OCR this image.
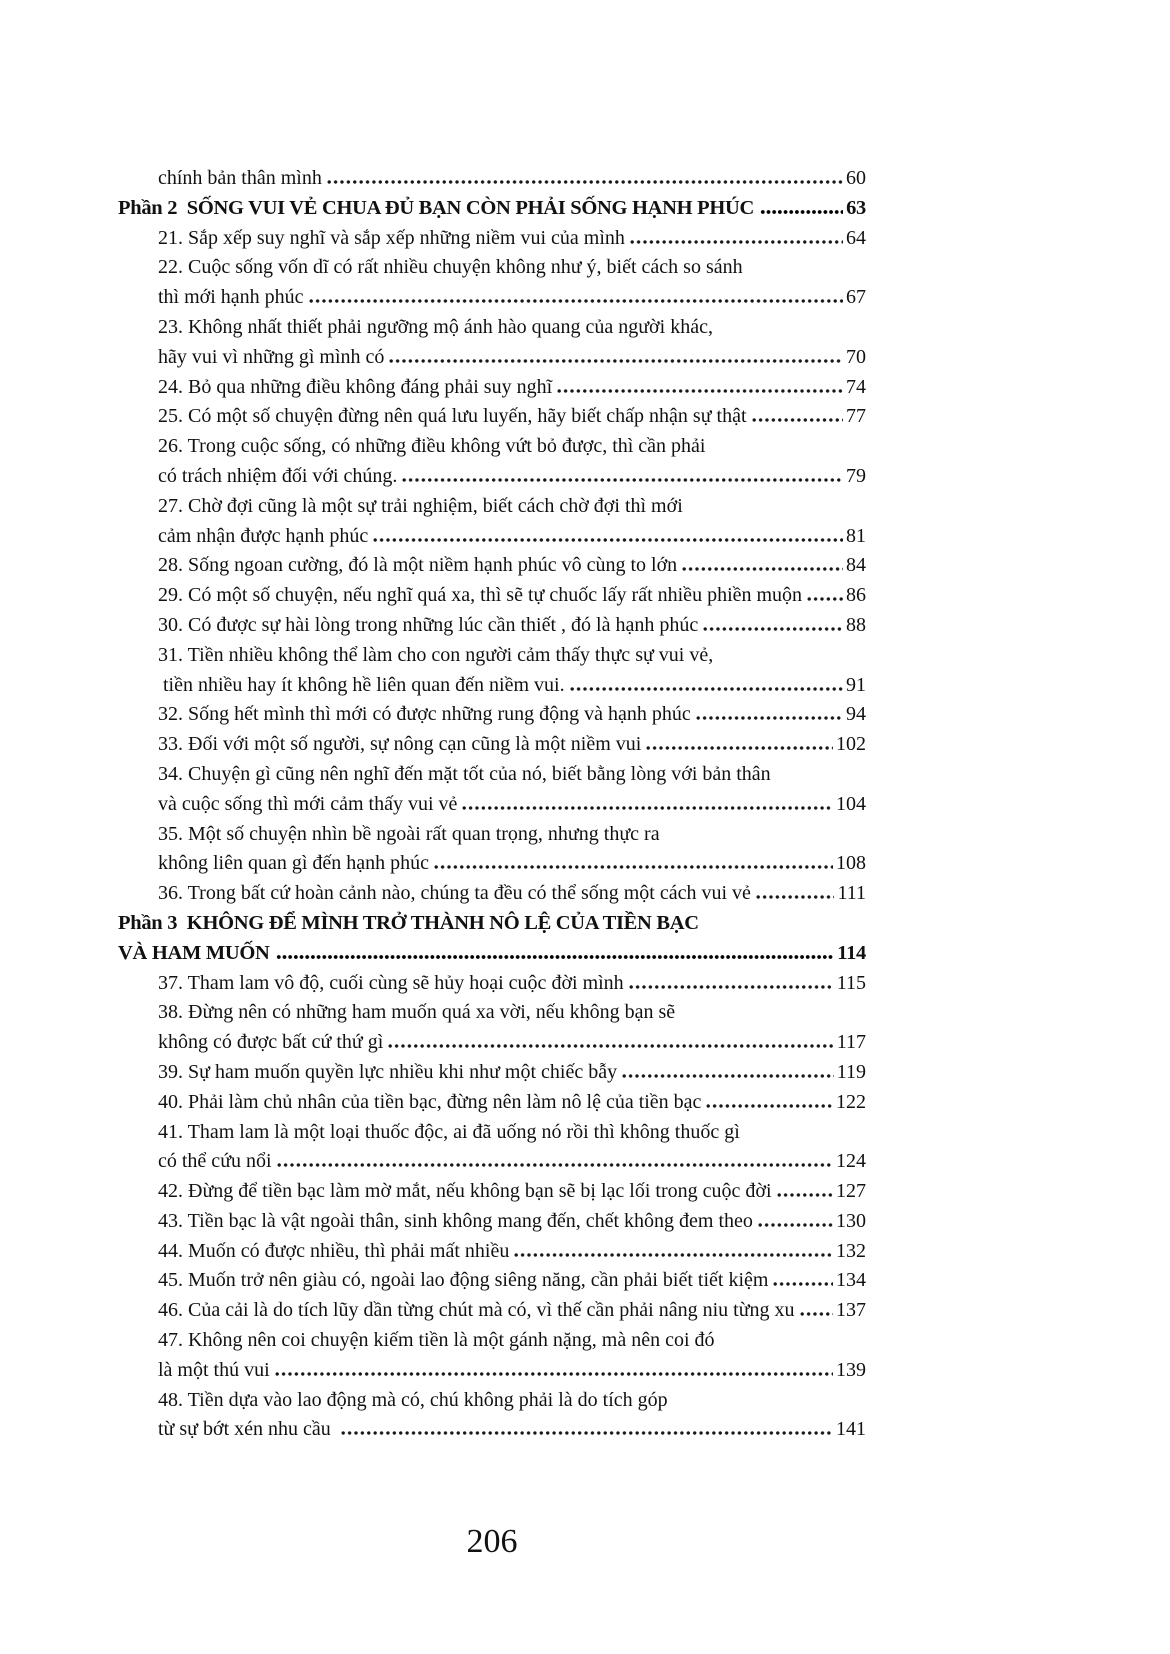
chính bản thân mình	60
Phần 2  SỐNG VUI VẺ CHUA ĐỦ BẠN CÒN PHẢI SỐNG HẠNH PHÚC	63
21. Sắp xếp suy nghĩ và sắp xếp những niềm vui của mình	64
22. Cuộc sống vốn dĩ có rất nhiều chuyện không như ý, biết cách so sánh
thì mới hạnh phúc	67
23. Không nhất thiết phải ngưỡng mộ ánh hào quang của người khác,
hãy vui vì những gì mình có	70
24. Bỏ qua những điều không đáng phải suy nghĩ	74
25. Có một số chuyện đừng nên quá lưu luyến, hãy biết chấp nhận sự thật	77
26. Trong cuộc sống, có những điều không vứt bỏ được, thì cần phải
có trách nhiệm đối với chúng.	79
27. Chờ đợi cũng là một sự trải nghiệm, biết cách chờ đợi thì mới
cảm nhận được hạnh phúc	81
28. Sống ngoan cường, đó là một niềm hạnh phúc vô cùng to lớn	84
29. Có một số chuyện, nếu nghĩ quá xa, thì sẽ tự chuốc lấy rất nhiều phiền muộn 86
30. Có được sự hài lòng trong những lúc cần thiết , đó là hạnh phúc	88
31. Tiền nhiều không thể làm cho con người cảm thấy thực sự vui vẻ,
tiền nhiều hay ít không hề liên quan đến niềm vui.	91
32. Sống hết mình thì mới có được những rung động và hạnh phúc	94
33. Đối với một số người, sự nông cạn cũng là một niềm vui	102
34. Chuyện gì cũng nên nghĩ đến mặt tốt của nó, biết bằng lòng với bản thân
và cuộc sống thì mới cảm thấy vui vẻ	104
35. Một số chuyện nhìn bề ngoài rất quan trọng, nhưng thực ra
không liên quan gì đến hạnh phúc	108
36. Trong bất cứ hoàn cảnh nào, chúng ta đều có thể sống một cách vui vẻ	111
Phần 3  KHÔNG ĐỂ MÌNH TRỞ THÀNH NÔ LỆ CỦA TIỀN BẠC
VÀ HAM MUỐN	114
37. Tham lam vô độ, cuối cùng sẽ hủy hoại cuộc đời mình	115
38. Đừng nên có những ham muốn quá xa vời, nếu không bạn sẽ
không có được bất cứ thứ gì	117
39. Sự ham muốn quyền lực nhiều khi như một chiếc bẫy	119
40. Phải làm chủ nhân của tiền bạc, đừng nên làm nô lệ của tiền bạc	122
41. Tham lam là một loại thuốc độc, ai đã uống nó rồi thì không thuốc gì
có thể cứu nổi	124
42. Đừng để tiền bạc làm mờ mắt, nếu không bạn sẽ bị lạc lối trong cuộc đời	127
43. Tiền bạc là vật ngoài thân, sinh không mang đến, chết không đem theo	130
44. Muốn có được nhiều, thì phải mất nhiều	132
45. Muốn trở nên giàu có, ngoài lao động siêng năng, cần phải biết tiết kiệm	134
46. Của cải là do tích lũy dần từng chút mà có, vì thế cần phải nâng niu từng xu 137
47. Không nên coi chuyện kiếm tiền là một gánh nặng, mà nên coi đó
là một thú vui	139
48. Tiền dựa vào lao động mà có, chú không phải là do tích góp
từ sự bớt xén nhu cầu	141
206
